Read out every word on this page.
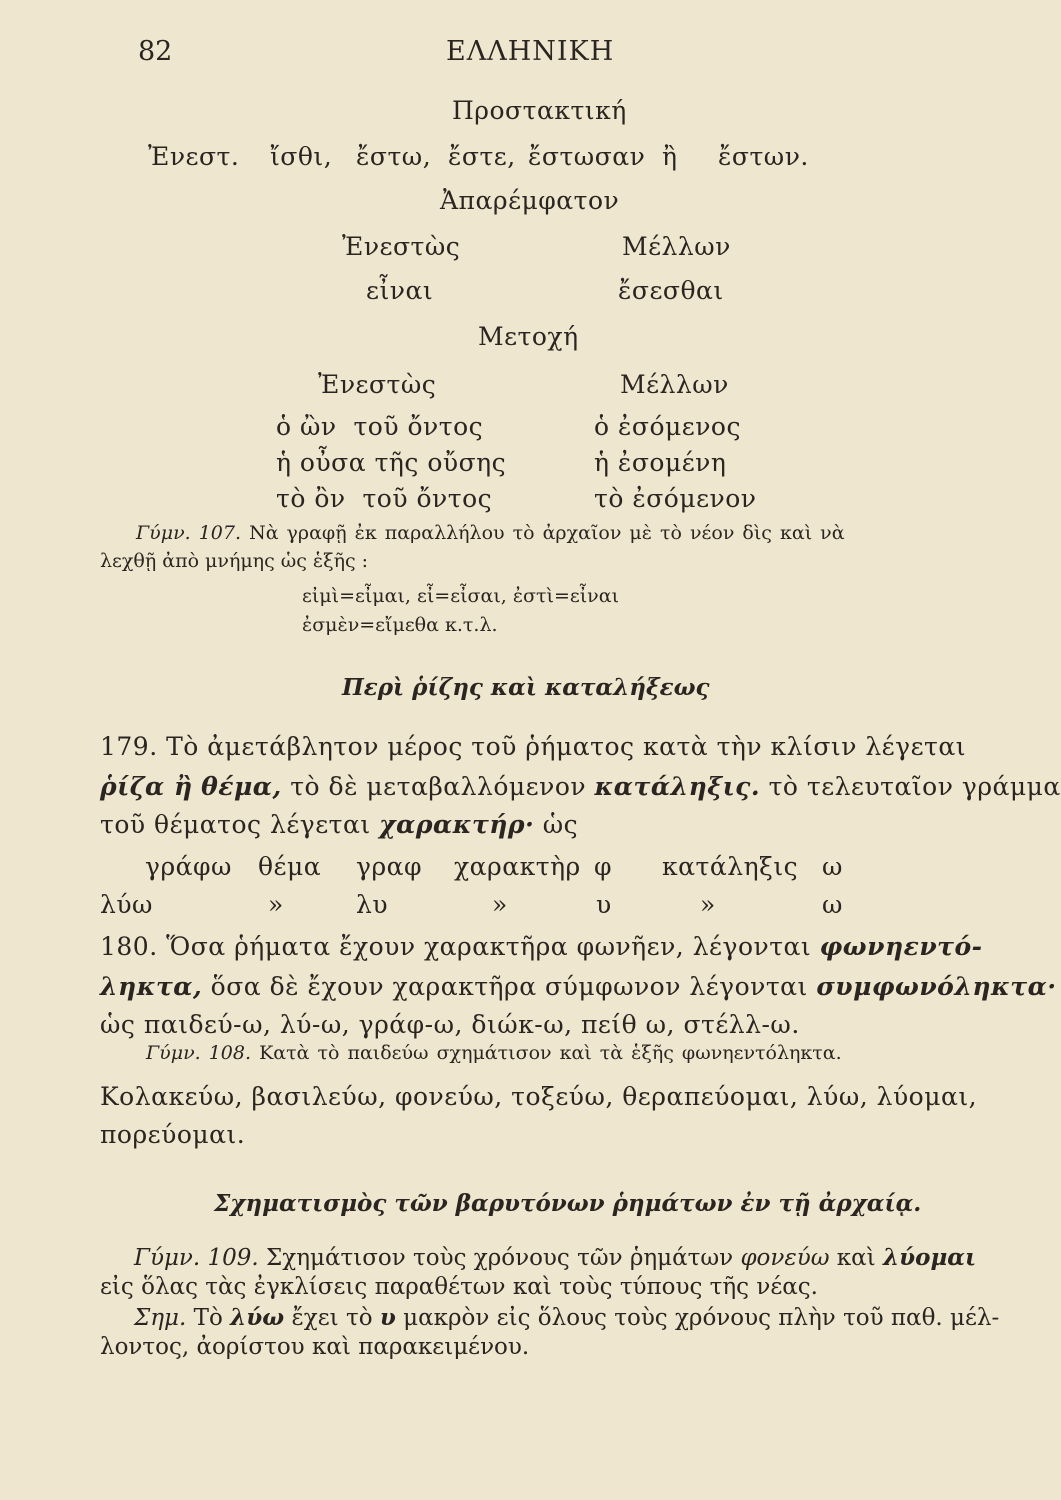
82	ΕΛΛΗΝΙΚΗ
Προστακτική
Ἐνεστ. ἴσθι, ἔστω, ἔστε, ἔστωσαν ἢ ἔστων.
Ἀπαρέμφατον
Ἐνεστὼς	Μέλλων
εἶναι	ἔσεσθαι
Μετοχή
Ἐνεστὼς	Μέλλων
ὁ ὢν  τοῦ ὄντος	ὁ ἐσόμενος
ἡ οὖσα τῆς οὔσης	ἡ ἐσομένη
τὸ ὂν  τοῦ ὄντος	τὸ ἐσόμενον
Γύμν. 107. Νὰ γραφῇ ἐκ παραλλήλου τὸ ἀρχαῖον μὲ τὸ νέον δὶς καὶ νὰ
λεχθῇ ἀπὸ μνήμης ὡς ἑξῆς :
εἰμὶ=εἶμαι, εἶ=εἶσαι, ἐστὶ=εἶναι
ἐσμὲν=εἴμεθα κ.τ.λ.
Περὶ ῥίζης καὶ καταλήξεως
179. Τὸ ἀμετάβλητον μέρος τοῦ ῥήματος κατὰ τὴν κλίσιν λέγεται
ῥίζα ἢ θέμα, τὸ δὲ μεταβαλλόμενον κατάληξις. τὸ τελευταῖον γράμμα
τοῦ θέματος λέγεται χαρακτήρ· ὡς
γράφω θέμα γραφ χαρακτὴρ φ κατάληξις ω
λύω	»	λυ	»	υ	»	ω
180. Ὅσα ῥήματα ἔχουν χαρακτῆρα φωνῆεν, λέγονται φωνηεντό-
ληκτα, ὅσα δὲ ἔχουν χαρακτῆρα σύμφωνον λέγονται συμφωνόληκτα·
ὡς παιδεύ-ω, λύ-ω, γράφ-ω, διώκ-ω, πείθ ω, στέλλ-ω.
Γύμν. 108. Κατὰ τὸ παιδεύω σχημάτισον καὶ τὰ ἑξῆς φωνηεντόληκτα.
Κολακεύω, βασιλεύω, φονεύω, τοξεύω, θεραπεύομαι, λύω, λύομαι,
πορεύομαι.
Σχηματισμὸς τῶν βαρυτόνων ῥημάτων ἐν τῇ ἀρχαίᾳ.
Γύμν. 109. Σχημάτισον τοὺς χρόνους τῶν ῥημάτων φονεύω καὶ λύομαι
εἰς ὅλας τὰς ἐγκλίσεις παραθέτων καὶ τοὺς τύπους τῆς νέας.
Σημ. Τὸ λύω ἔχει τὸ υ μακρὸν εἰς ὅλους τοὺς χρόνους πλὴν τοῦ παθ. μέλ-
λοντος, ἀορίστου καὶ παρακειμένου.
